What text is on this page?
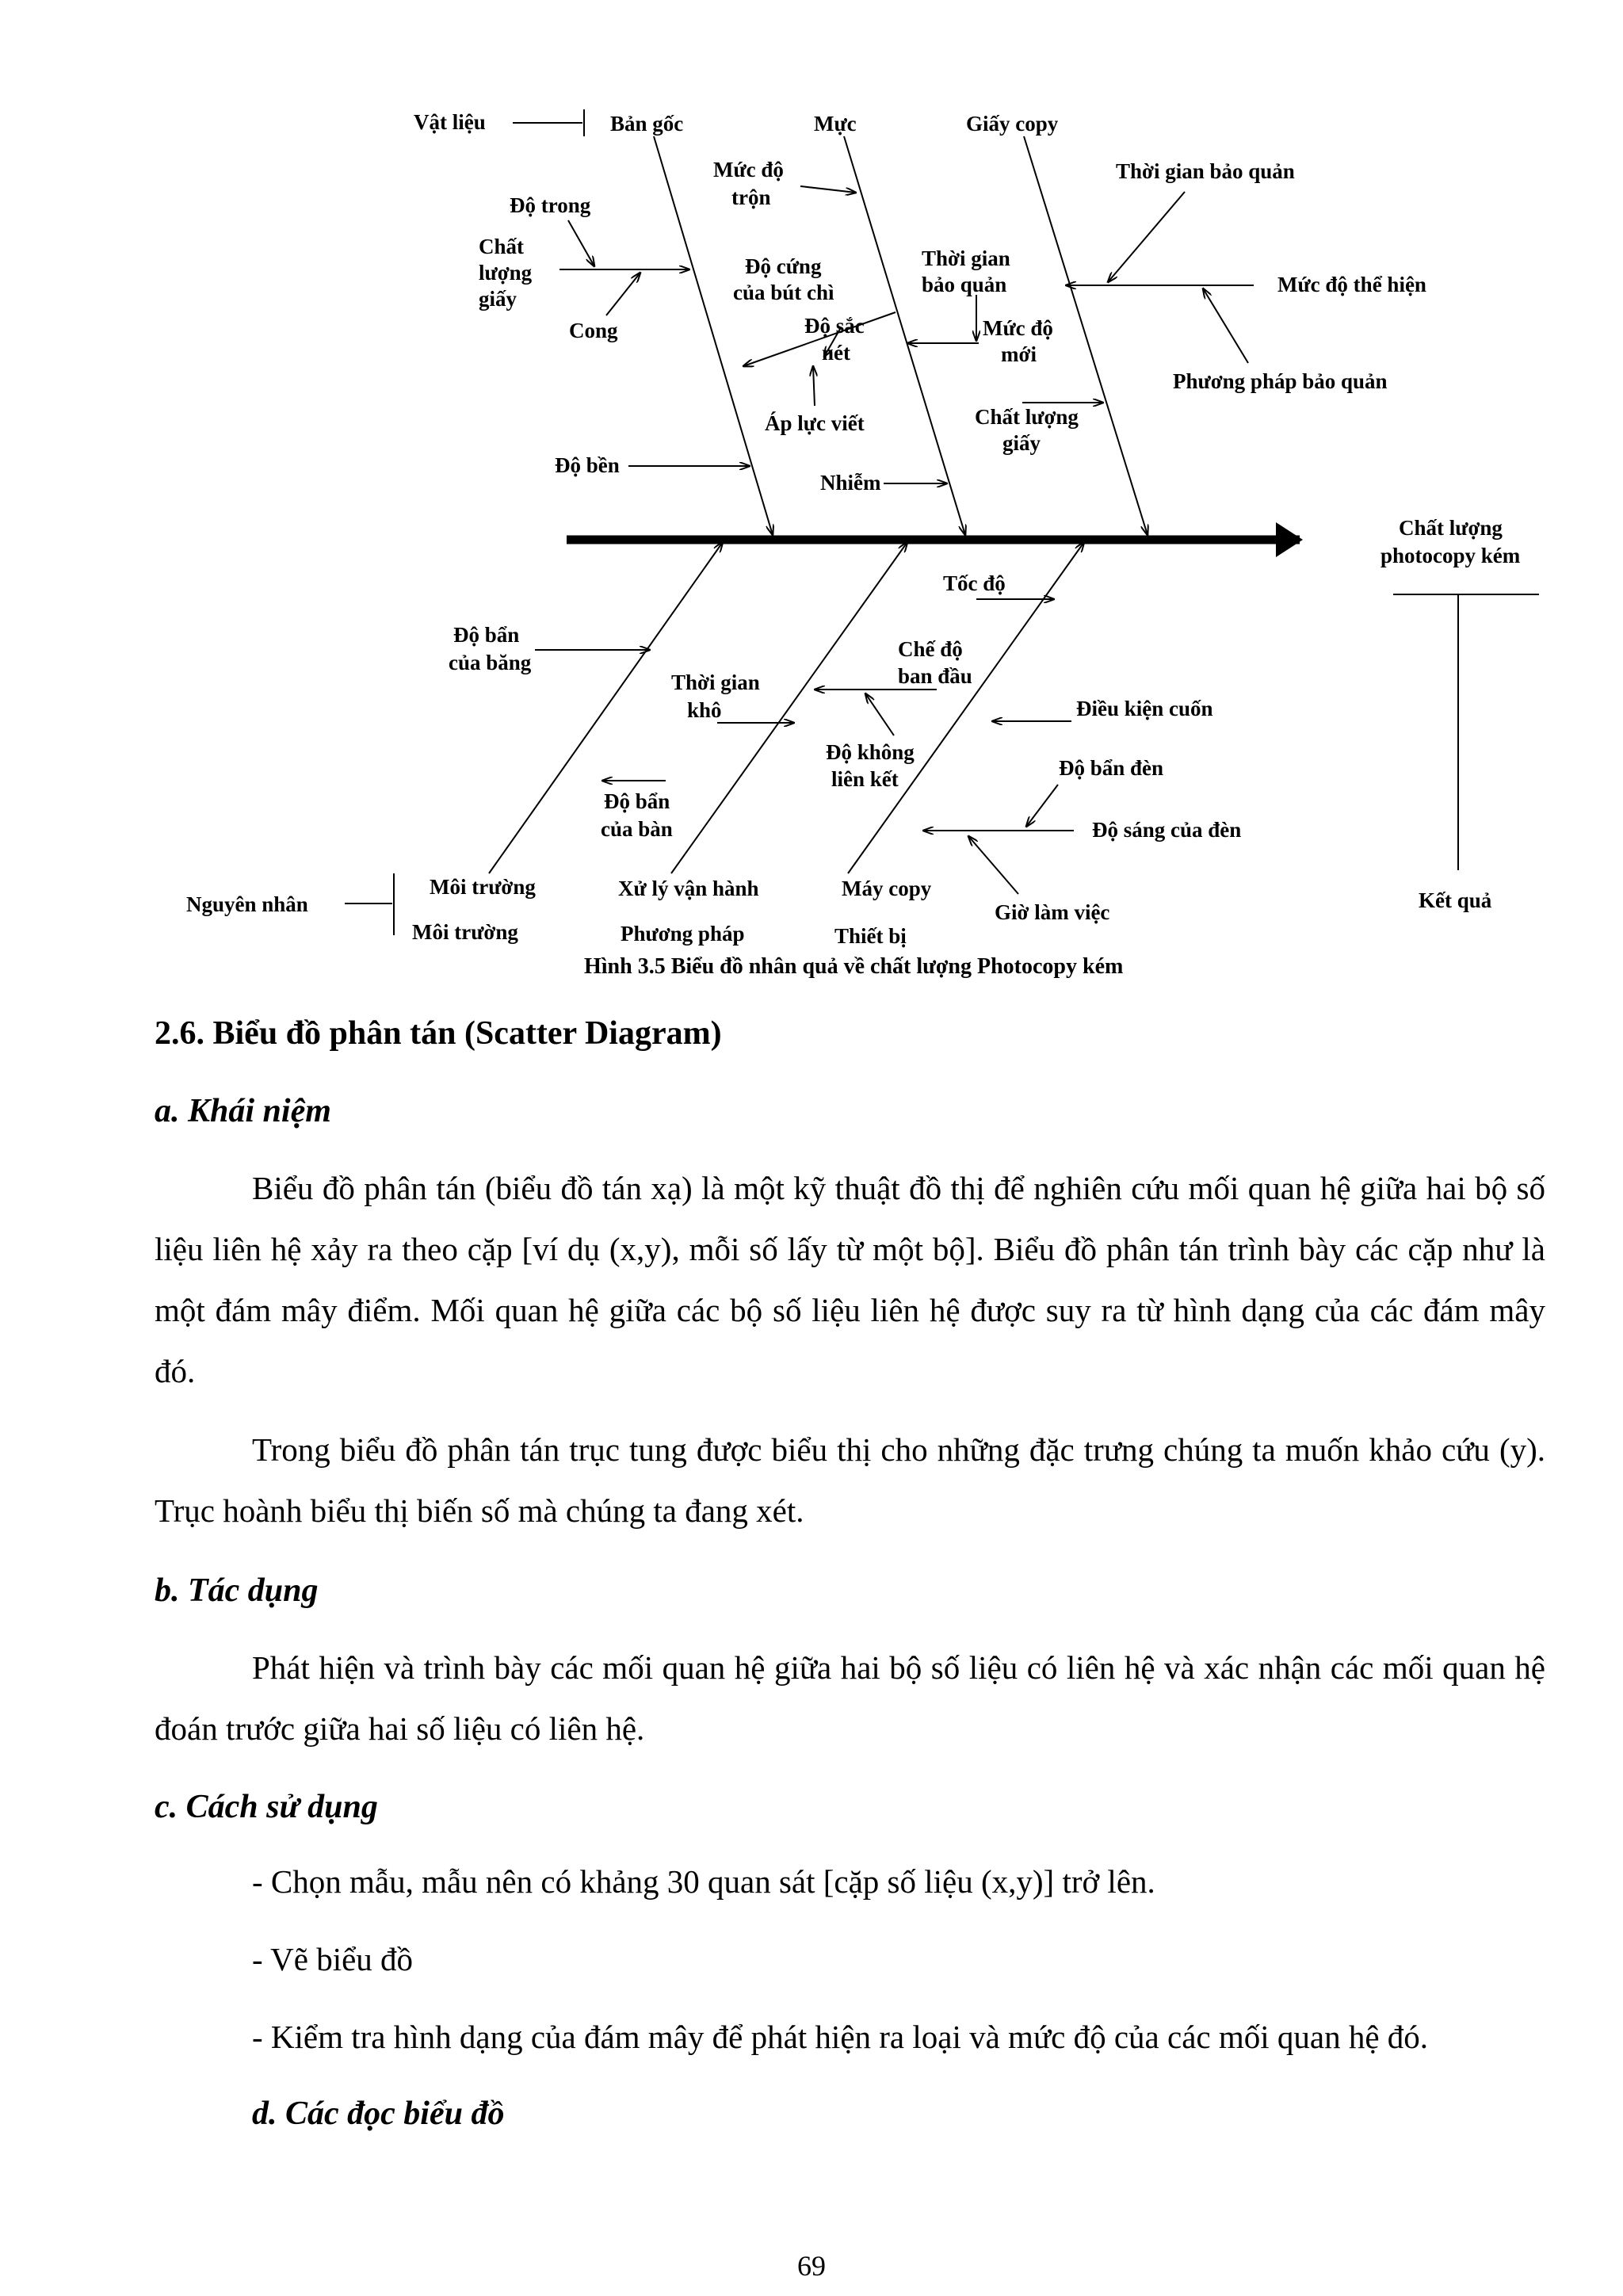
Vật liệu	Bản gốc	Mực	Giấy copy
Độ trong
Chất
lượng
giấy
Cong
Độ bền
Mức độ
trộn
Độ cứng
của bút chì
Độ sắc
nét
Áp lực viết
Nhiễm
Thời gian
bảo quản
Mức độ
mới
Chất lượng
giấy
Thời gian bảo quản
Mức độ thể hiện
Phương pháp bảo quản
Độ bẩn
của băng
Thời gian
khô
Độ bẩn
của bàn
Tốc độ
Chế độ
ban đầu
Độ không
liên kết
Điều kiện cuốn
Độ bẩn đèn
Độ sáng của đèn
Giờ làm việc
Nguyên nhân
Môi trường
Môi trường
Xử lý vận hành
Phương pháp
Máy copy
Thiết bị
Chất lượng
photocopy kém
Kết quả
Hình 3.5 Biểu đồ nhân quả về chất lượng Photocopy kém

2.6. Biểu đồ phân tán (Scatter Diagram)

a. Khái niệm

Biểu đồ phân tán (biểu đồ tán xạ) là một kỹ thuật đồ thị để nghiên cứu mối quan hệ giữa hai bộ số liệu liên hệ xảy ra theo cặp [ví dụ (x,y), mỗi số lấy từ một bộ]. Biểu đồ phân tán trình bày các cặp như là một đám mây điểm. Mối quan hệ giữa các bộ số liệu liên hệ được suy ra từ hình dạng của các đám mây đó.

Trong biểu đồ phân tán trục tung được biểu thị cho những đặc trưng chúng ta muốn khảo cứu (y). Trục hoành biểu thị biến số mà chúng ta đang xét.

b. Tác dụng

Phát hiện và trình bày các mối quan hệ giữa hai bộ số liệu có liên hệ và xác nhận các mối quan hệ đoán trước giữa hai số liệu có liên hệ.

c. Cách sử dụng

- Chọn mẫu, mẫu nên có khảng 30 quan sát [cặp số liệu (x,y)] trở lên.

- Vẽ biểu đồ

- Kiểm tra hình dạng của đám mây để phát hiện ra loại và mức độ của các mối quan hệ đó.

d. Các đọc biểu đồ

69
